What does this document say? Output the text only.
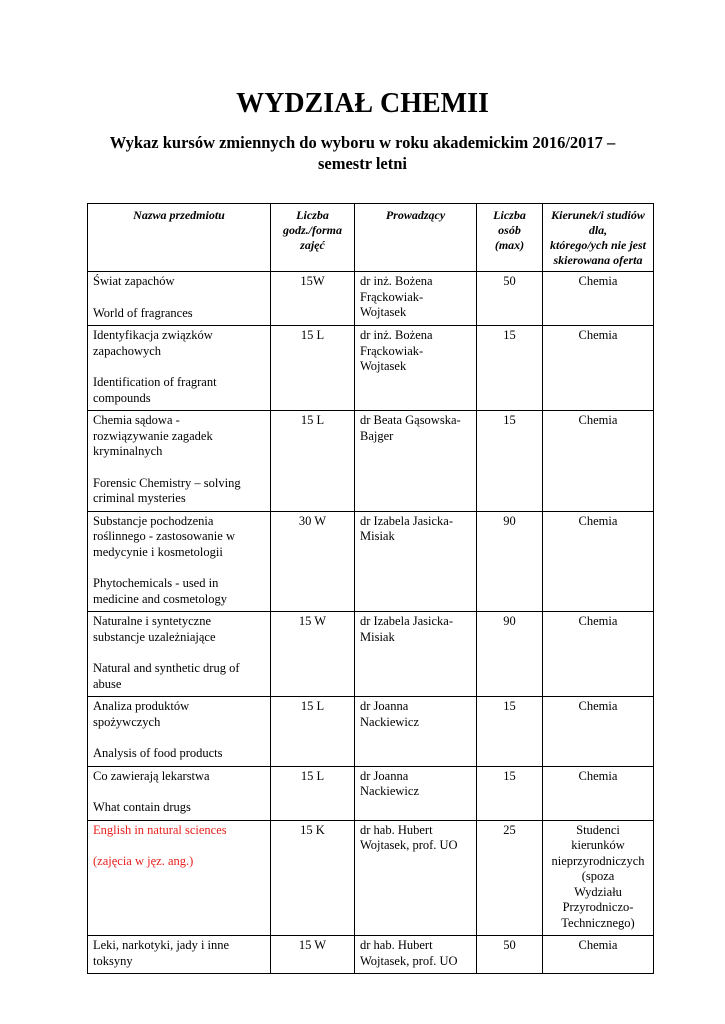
WYDZIAŁ CHEMII
Wykaz kursów zmiennych do wyboru w roku akademickim 2016/2017 –
semestr letni
Nazwa przedmiotu	Liczba
godz./forma
zajęć	Prowadzący	Liczba
osób
(max)	Kierunek/i studiów dla,
którego/ych nie jest
skierowana oferta

Świat zapachów
World of fragrances	15W	dr inż. Bożena
Frąckowiak-
Wojtasek	50	Chemia

Identyfikacja związków
zapachowych
Identification of fragrant
compounds	15 L	dr inż. Bożena
Frąckowiak-
Wojtasek	15	Chemia

Chemia sądowa -
rozwiązywanie zagadek
kryminalnych
Forensic Chemistry – solving
criminal mysteries	15 L	dr Beata Gąsowska-
Bajger	15	Chemia

Substancje pochodzenia
roślinnego - zastosowanie w
medycynie i kosmetologii
Phytochemicals - used in
medicine and cosmetology	30 W	dr Izabela Jasicka-
Misiak	90	Chemia

Naturalne i syntetyczne
substancje uzależniające
Natural and synthetic drug of
abuse	15 W	dr Izabela Jasicka-
Misiak	90	Chemia

Analiza produktów
spożywczych
Analysis of food products	15 L	dr Joanna
Nackiewicz	15	Chemia

Co zawierają lekarstwa
What contain drugs	15 L	dr Joanna
Nackiewicz	15	Chemia

English in natural sciences
(zajęcia w jęz. ang.)	15 K	dr hab. Hubert
Wojtasek, prof. UO	25	Studenci kierunków
nieprzyrodniczych (spoza
Wydziału Przyrodniczo-
Technicznego)

Leki, narkotyki, jady i inne
toksyny	15 W	dr hab. Hubert
Wojtasek, prof. UO	50	Chemia
